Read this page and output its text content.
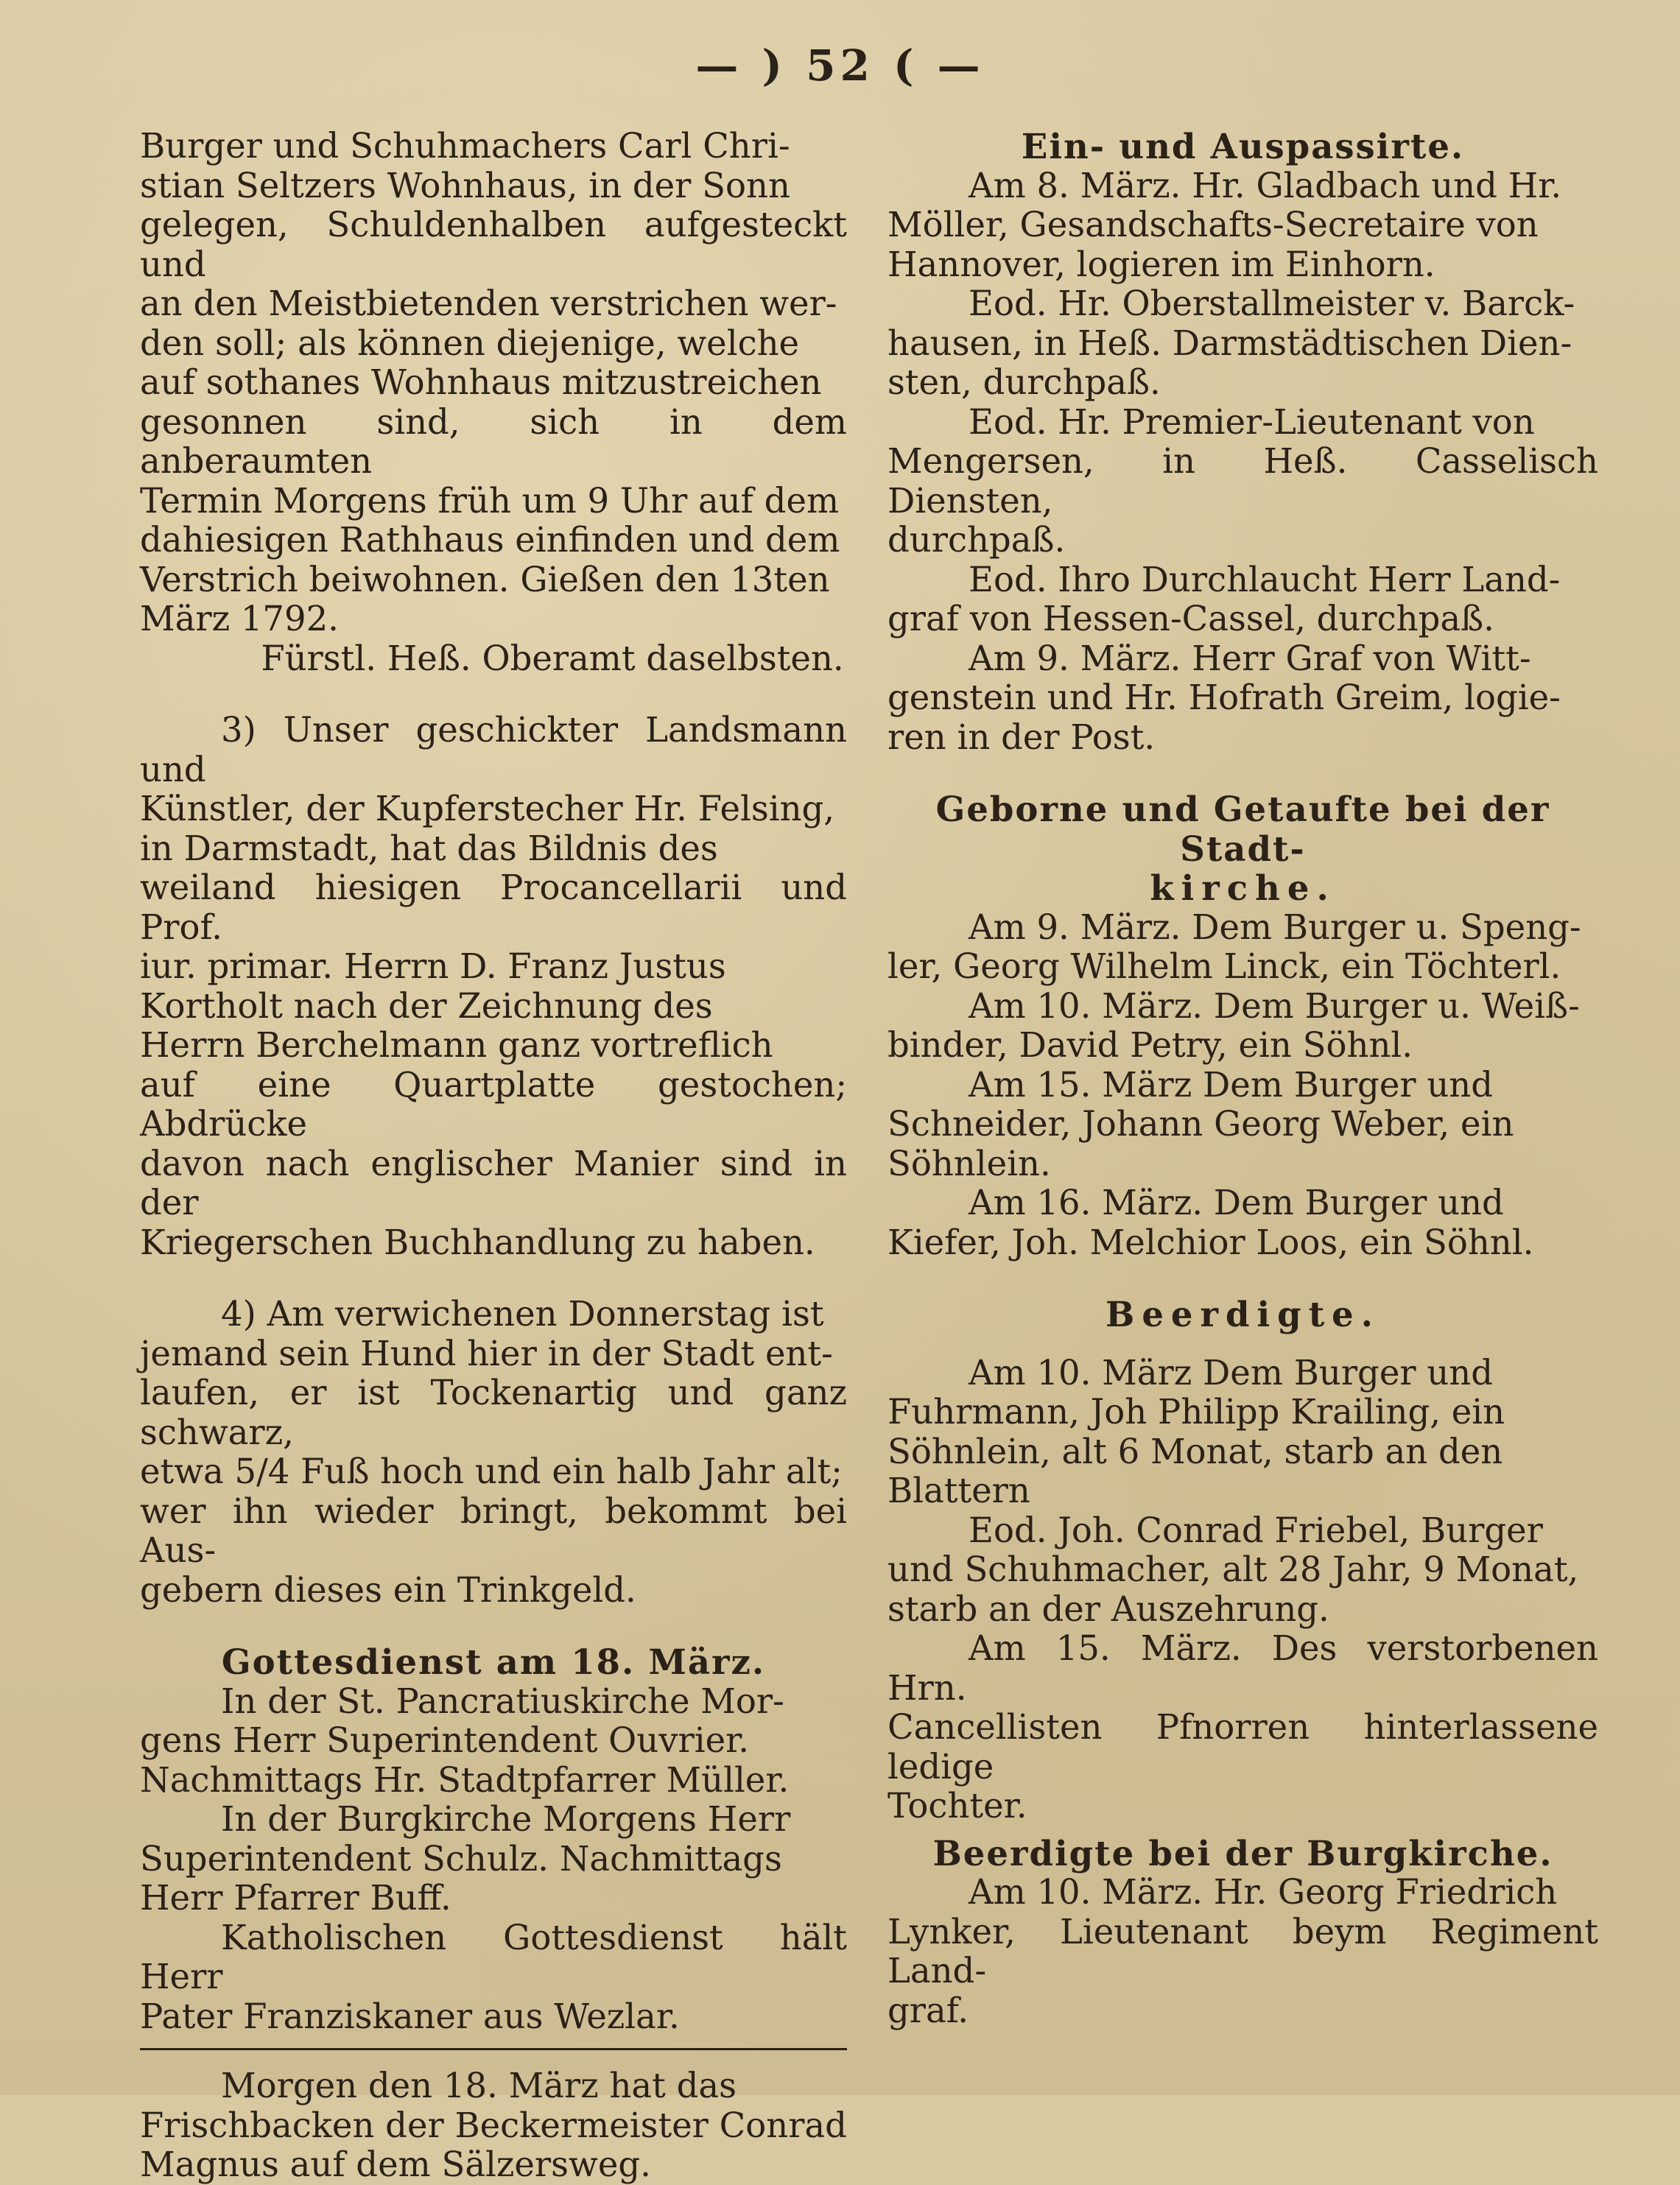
— ) 52 ( —

Burger und Schuhmachers Carl Chri-
stian Seltzers Wohnhaus, in der Sonn
gelegen, Schuldenhalben aufgesteckt und
an den Meistbietenden verstrichen wer-
den soll; als können diejenige, welche
auf sothanes Wohnhaus mitzustreichen
gesonnen sind, sich in dem anberaumten
Termin Morgens früh um 9 Uhr auf dem
dahiesigen Rathhaus einfinden und dem
Verstrich beiwohnen. Gießen den 13ten
März 1792.

Fürstl. Heß. Oberamt daselbsten.

3) Unser geschickter Landsmann und
Künstler, der Kupferstecher Hr. Felsing,
in Darmstadt, hat das Bildnis des
weiland hiesigen Procancellarii und Prof.
iur. primar. Herrn D. Franz Justus
Kortholt nach der Zeichnung des
Herrn Berchelmann ganz vortreflich
auf eine Quartplatte gestochen; Abdrücke
davon nach englischer Manier sind in der
Kriegerschen Buchhandlung zu haben.

4) Am verwichenen Donnerstag ist
jemand sein Hund hier in der Stadt ent-
laufen, er ist Tockenartig und ganz schwarz,
etwa 5/4 Fuß hoch und ein halb Jahr alt;
wer ihn wieder bringt, bekommt bei Aus-
gebern dieses ein Trinkgeld.

Gottesdienst am 18. März.

In der St. Pancratiuskirche Mor-
gens Herr Superintendent Ouvrier.
Nachmittags Hr. Stadtpfarrer Müller.

In der Burgkirche Morgens Herr
Superintendent Schulz. Nachmittags
Herr Pfarrer Buff.

Katholischen Gottesdienst hält Herr
Pater Franziskaner aus Wezlar.

Morgen den 18. März hat das
Frischbacken der Beckermeister Conrad
Magnus auf dem Sälzersweg.

Ein- und Auspassirte.

Am 8. März. Hr. Gladbach und Hr.
Möller, Gesandschafts-Secretaire von
Hannover, logieren im Einhorn.

Eod. Hr. Oberstallmeister v. Barck-
hausen, in Heß. Darmstädtischen Dien-
sten, durchpaß.

Eod. Hr. Premier-Lieutenant von
Mengersen, in Heß. Casselisch Diensten,
durchpaß.

Eod. Ihro Durchlaucht Herr Land-
graf von Hessen-Cassel, durchpaß.

Am 9. März. Herr Graf von Witt-
genstein und Hr. Hofrath Greim, logie-
ren in der Post.

Geborne und Getaufte bei der Stadt-

kirche.

Am 9. März. Dem Burger u. Speng-
ler, Georg Wilhelm Linck, ein Töchterl.

Am 10. März. Dem Burger u. Weiß-
binder, David Petry, ein Söhnl.

Am 15. März Dem Burger und
Schneider, Johann Georg Weber, ein
Söhnlein.

Am 16. März. Dem Burger und
Kiefer, Joh. Melchior Loos, ein Söhnl.

Beerdigte.

Am 10. März Dem Burger und
Fuhrmann, Joh Philipp Krailing, ein
Söhnlein, alt 6 Monat, starb an den
Blattern

Eod. Joh. Conrad Friebel, Burger
und Schuhmacher, alt 28 Jahr, 9 Monat,
starb an der Auszehrung.

Am 15. März. Des verstorbenen Hrn.
Cancellisten Pfnorren hinterlassene ledige
Tochter.

Beerdigte bei der Burgkirche.

Am 10. März. Hr. Georg Friedrich
Lynker, Lieutenant beym Regiment Land-
graf.
